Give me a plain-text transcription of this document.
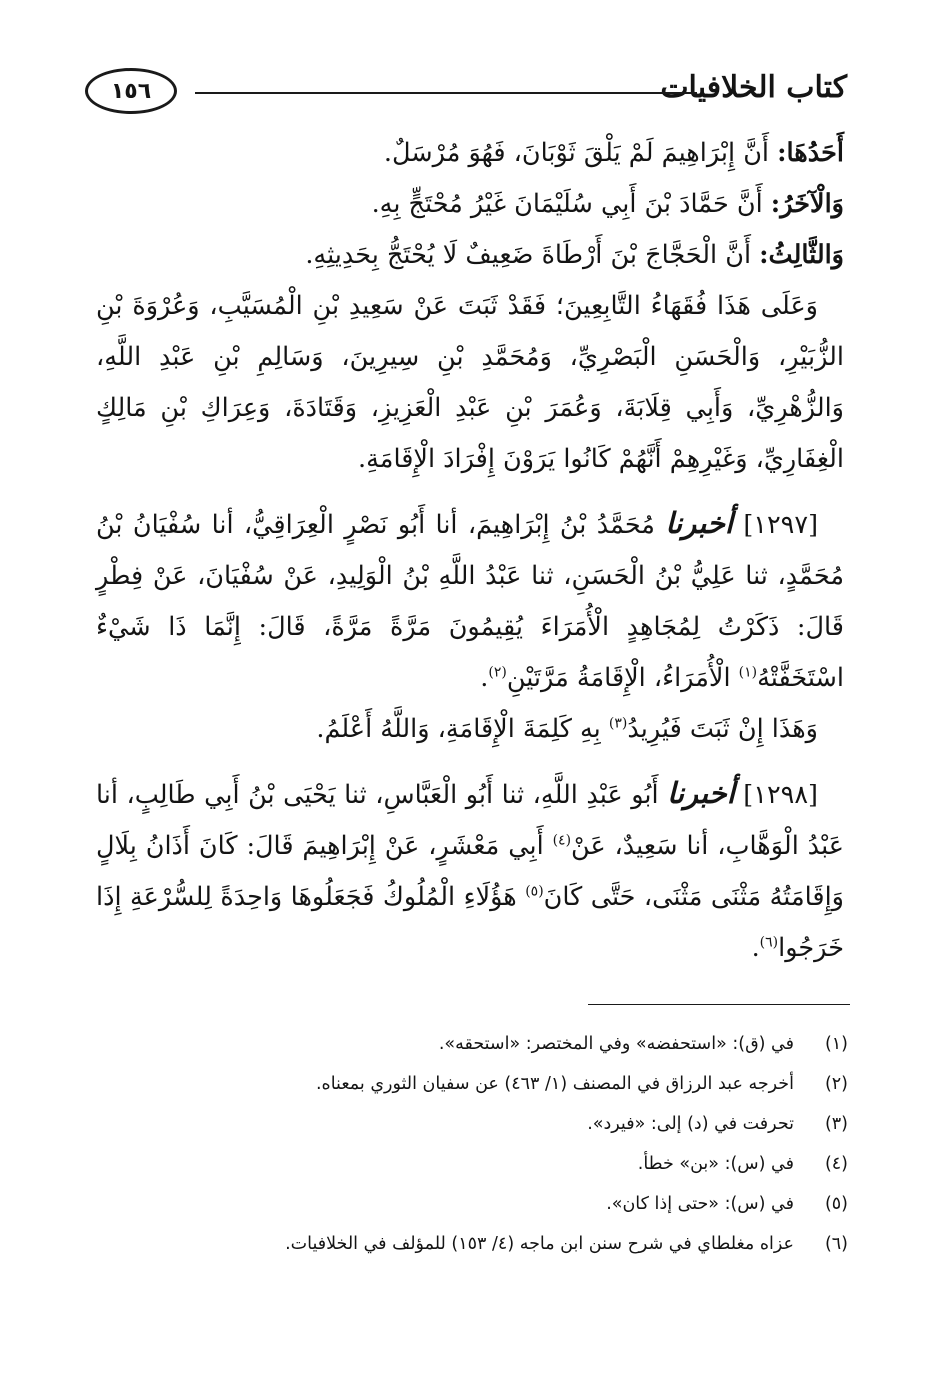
كتاب الخلافيات
١٥٦

أَحَدُهَا: أَنَّ إِبْرَاهِيمَ لَمْ يَلْقَ ثَوْبَانَ، فَهُوَ مُرْسَلٌ.

وَالْآخَرُ: أَنَّ حَمَّادَ بْنَ أَبِي سُلَيْمَانَ غَيْرُ مُحْتَجٍّ بِهِ.

وَالثَّالِثُ: أَنَّ الْحَجَّاجَ بْنَ أَرْطَاةَ ضَعِيفٌ لَا يُحْتَجُّ بِحَدِيثِهِ.

وَعَلَى هَذَا فُقَهَاءُ التَّابِعِينَ؛ فَقَدْ ثَبَتَ عَنْ سَعِيدِ بْنِ الْمُسَيَّبِ، وَعُرْوَةَ بْنِ الزُّبَيْرِ، وَالْحَسَنِ الْبَصْرِيِّ، وَمُحَمَّدِ بْنِ سِيرِينَ، وَسَالِمِ بْنِ عَبْدِ اللَّهِ، وَالزُّهْرِيِّ، وَأَبِي قِلَابَةَ، وَعُمَرَ بْنِ عَبْدِ الْعَزِيزِ، وَقَتَادَةَ، وَعِرَاكِ بْنِ مَالِكٍ الْغِفَارِيِّ، وَغَيْرِهِمْ أَنَّهُمْ كَانُوا يَرَوْنَ إِفْرَادَ الْإِقَامَةِ.

[١٢٩٧] أخبرنا مُحَمَّدُ بْنُ إِبْرَاهِيمَ، أنا أَبُو نَصْرٍ الْعِرَاقِيُّ، أنا سُفْيَانُ بْنُ مُحَمَّدٍ، ثنا عَلِيُّ بْنُ الْحَسَنِ، ثنا عَبْدُ اللَّهِ بْنُ الْوَلِيدِ، عَنْ سُفْيَانَ، عَنْ فِطْرٍ قَالَ: ذَكَرْتُ لِمُجَاهِدٍ الْأُمَرَاءَ يُقِيمُونَ مَرَّةً مَرَّةً، قَالَ: إِنَّمَا ذَا شَيْءٌ اسْتَخَفَّتْهُ$^{(١)}$ الْأُمَرَاءُ، الْإِقَامَةُ مَرَّتَيْنِ$^{(٢)}$.

وَهَذَا إِنْ ثَبَتَ فَيُرِيدُ$^{(٣)}$ بِهِ كَلِمَةَ الْإِقَامَةِ، وَاللَّهُ أَعْلَمُ.

[١٢٩٨] أخبرنا أَبُو عَبْدِ اللَّهِ، ثنا أَبُو الْعَبَّاسِ، ثنا يَحْيَى بْنُ أَبِي طَالِبٍ، أنا عَبْدُ الْوَهَّابِ، أنا سَعِيدٌ، عَنْ$^{(٤)}$ أَبِي مَعْشَرٍ، عَنْ إِبْرَاهِيمَ قَالَ: كَانَ أَذَانُ بِلَالٍ وَإِقَامَتُهُ مَثْنَى مَثْنَى، حَتَّى كَانَ$^{(٥)}$ هَؤُلَاءِ الْمُلُوكُ فَجَعَلُوهَا وَاحِدَةً لِلسُّرْعَةِ إِذَا خَرَجُوا$^{(٦)}$.

(١)
في (ق): «استحفضه» وفي المختصر: «استحقه».
(٢)
أخرجه عبد الرزاق في المصنف (١/ ٤٦٣) عن سفيان الثوري بمعناه.
(٣)
تحرفت في (د) إلى: «فيرد».
(٤)
في (س): «بن» خطأ.
(٥)
في (س): «حتى إذا كان».
(٦)
عزاه مغلطاي في شرح سنن ابن ماجه (٤/ ١٥٣) للمؤلف في الخلافيات.
